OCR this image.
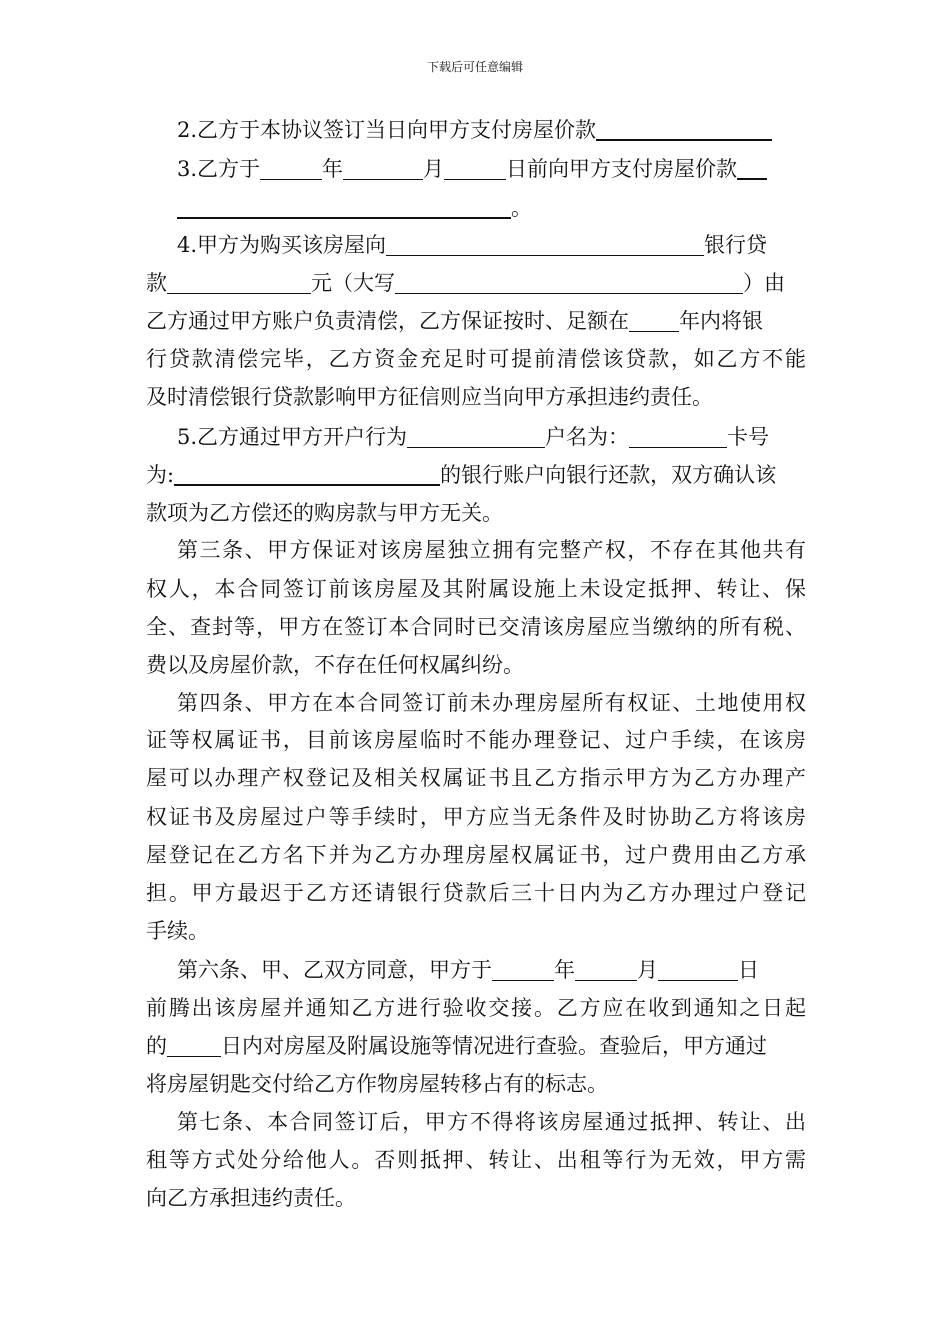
下载后可任意编辑
2.乙方于本协议签订当日向甲方支付房屋价款
3.乙方于	年	月	日前向甲方支付房屋价款
。
4.甲方为购买该房屋向	银行贷
款	元（大写	）由
乙方通过甲方账户负责清偿，乙方保证按时、足额在 年内将银
行贷款清偿完毕，乙方资金充足时可提前清偿该贷款，如乙方不能
及时清偿银行贷款影响甲方征信则应当向甲方承担违约责任。
5.乙方通过甲方开户行为	户名为：	卡号
为:	的银行账户向银行还款，双方确认该
款项为乙方偿还的购房款与甲方无关。
第三条、甲方保证对该房屋独立拥有完整产权，不存在其他共有
权人，本合同签订前该房屋及其附属设施上未设定抵押、转让、保
全、查封等，甲方在签订本合同时已交清该房屋应当缴纳的所有税、
费以及房屋价款，不存在任何权属纠纷。
第四条、甲方在本合同签订前未办理房屋所有权证、土地使用权
证等权属证书，目前该房屋临时不能办理登记、过户手续，在该房
屋可以办理产权登记及相关权属证书且乙方指示甲方为乙方办理产
权证书及房屋过户等手续时，甲方应当无条件及时协助乙方将该房
屋登记在乙方名下并为乙方办理房屋权属证书，过户费用由乙方承
担。甲方最迟于乙方还请银行贷款后三十日内为乙方办理过户登记
手续。
第六条、甲、乙双方同意，甲方于	年	月	日
前腾出该房屋并通知乙方进行验收交接。乙方应在收到通知之日起
的	日内对房屋及附属设施等情况进行查验。查验后，甲方通过
将房屋钥匙交付给乙方作物房屋转移占有的标志。
第七条、本合同签订后，甲方不得将该房屋通过抵押、转让、出
租等方式处分给他人。否则抵押、转让、出租等行为无效，甲方需
向乙方承担违约责任。
